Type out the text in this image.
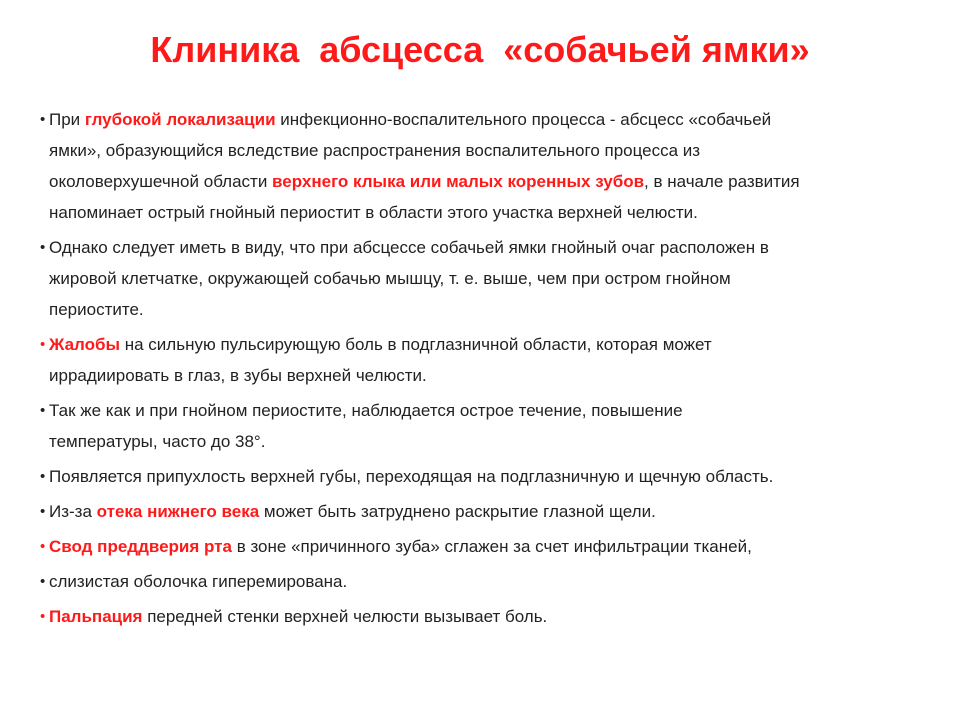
Клиника  абсцесса  «собачьей ямки»
• При глубокой локализации инфекционно-воспалительного процесса - абсцесс «собачьей
ямки», образующийся вследствие распространения воспалительного процесса из
околоверхушечной области верхнего клыка или малых коренных зубов, в начале развития
напоминает острый гнойный периостит в области этого участка верхней челюсти.
• Однако следует иметь в виду, что при абсцессе собачьей ямки гнойный очаг расположен в
жировой клетчатке, окружающей собачью мышцу, т. е. выше, чем при остром гнойном
периостите.
• Жалобы на сильную пульсирующую боль в подглазничной области, которая может
иррадиировать в глаз, в зубы верхней челюсти.
• Так же как и при гнойном периостите, наблюдается острое течение, повышение
температуры, часто до 38°.
• Появляется припухлость верхней губы, переходящая на подглазничную и щечную область.
• Из-за отека нижнего века может быть затруднено раскрытие глазной щели.
• Свод преддверия рта в зоне «причинного зуба» сглажен за счет инфильтрации тканей,
• слизистая оболочка гиперемирована.
• Пальпация передней стенки верхней челюсти вызывает боль.
